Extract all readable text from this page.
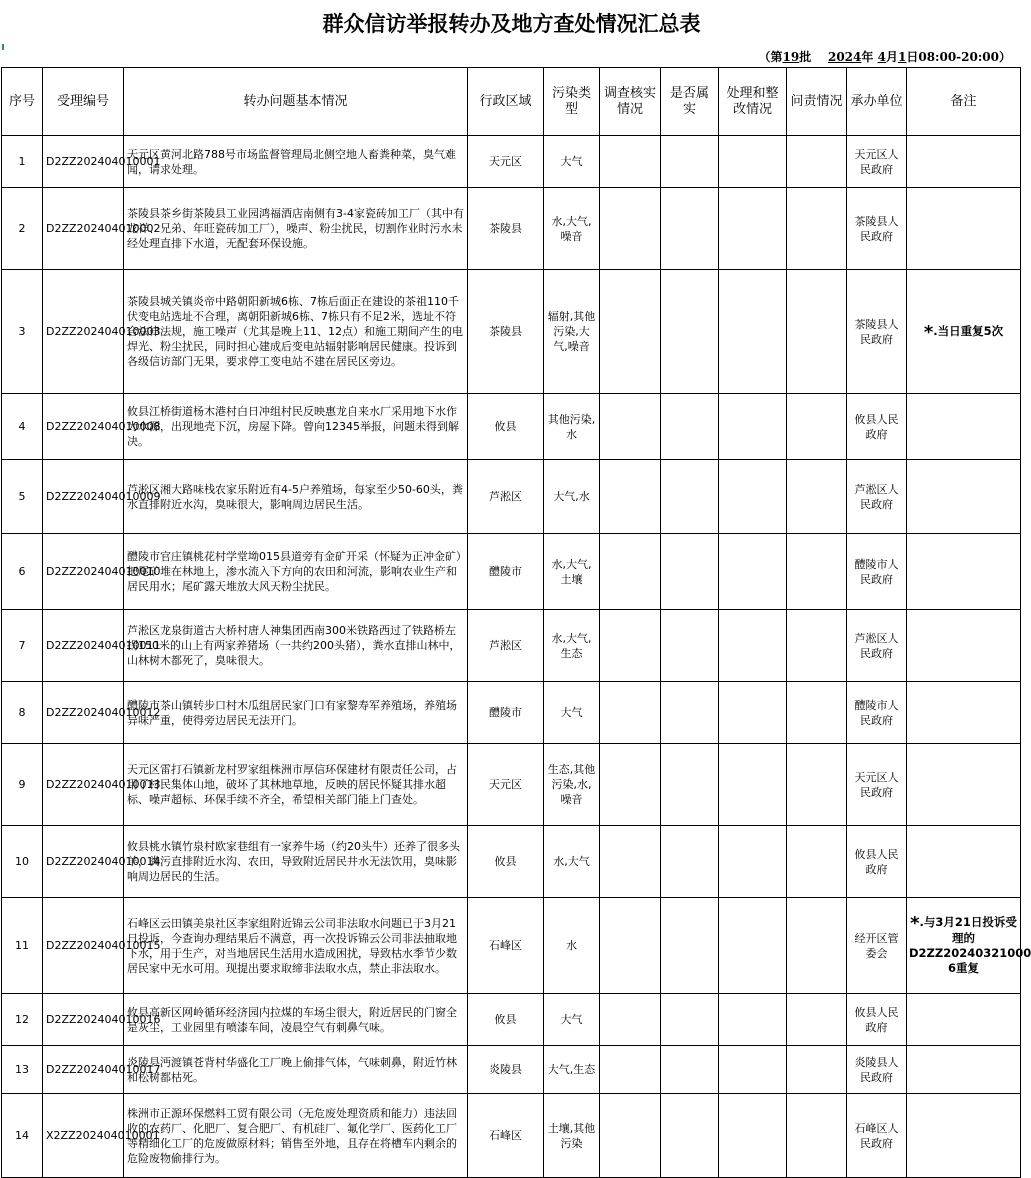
群众信访举报转办及地方查处情况汇总表
（第19批 2024年 4月1日08:00-20:00）
序号	受理编号	转办问题基本情况	行政区域	污染类型	调查核实情况	是否属实	处理和整改情况	问责情况	承办单位	备注
1	D2ZZ202404010001	天元区黄河北路788号市场监督管理局北侧空地人畜粪种菜，臭气难闻，请求处理。	天元区	大气					天元区人民政府	
2	D2ZZ202404010002	茶陵县茶乡街茶陵县工业园鸿福酒店南侧有3-4家瓷砖加工厂（其中有龙祥、兄弟、年旺瓷砖加工厂），噪声、粉尘扰民，切割作业时污水未经处理直排下水道，无配套环保设施。	茶陵县	水,大气,噪音					茶陵县人民政府	
3	D2ZZ202404010003	茶陵县城关镇炎帝中路朝阳新城6栋、7栋后面正在建设的茶祖110千伏变电站选址不合理，离朝阳新城6栋、7栋只有不足2米，选址不符合法律法规，施工噪声（尤其是晚上11、12点）和施工期间产生的电焊光、粉尘扰民，同时担心建成后变电站辐射影响居民健康。投诉到各级信访部门无果，要求停工变电站不建在居民区旁边。	茶陵县	辐射,其他污染,大气,噪音					茶陵县人民政府	*.当日重复5次
4	D2ZZ202404010008	攸县江桥街道杨木港村白日冲组村民反映惠龙自来水厂采用地下水作为水源，出现地壳下沉，房屋下降。曾向12345举报，问题未得到解决。	攸县	其他污染,水					攸县人民政府	
5	D2ZZ202404010009	芦淞区湘大路味栈农家乐附近有4-5户养殖场，每家至少50-60头，粪水直排附近水沟，臭味很大，影响周边居民生活。	芦淞区	大气,水					芦淞区人民政府	
6	D2ZZ202404010010	醴陵市官庄镇桃花村学堂坳015县道旁有金矿开采（怀疑为正冲金矿）把尾矿堆在林地上，渗水流入下方向的农田和河流，影响农业生产和居民用水；尾矿露天堆放大风天粉尘扰民。	醴陵市	水,大气,土壤					醴陵市人民政府	
7	D2ZZ202404010011	芦淞区龙泉街道古大桥村唐人神集团西南300米铁路西过了铁路桥左拐150米的山上有两家养猪场（一共约200头猪），粪水直排山林中，山林树木都死了，臭味很大。	芦淞区	水,大气,生态					芦淞区人民政府	
8	D2ZZ202404010012	醴陵市茶山镇转步口村木瓜组居民家门口有家黎寿军养殖场，养殖场异味严重，使得旁边居民无法开门。	醴陵市	大气					醴陵市人民政府	
9	D2ZZ202404010013	天元区雷打石镇新龙村罗家组株洲市厚信环保建材有限责任公司，占用了村民集体山地，破坏了其林地草地，反映的居民怀疑其排水超标、噪声超标、环保手续不齐全，希望相关部门能上门查处。	天元区	生态,其他污染,水,噪音					天元区人民政府	
10	D2ZZ202404010014	攸县桃水镇竹泉村欧家巷组有一家养牛场（约20头牛）还养了很多头羊，粪污直排附近水沟、农田，导致附近居民井水无法饮用，臭味影响周边居民的生活。	攸县	水,大气					攸县人民政府	
11	D2ZZ202404010015	石峰区云田镇美泉社区李家组附近锦云公司非法取水问题已于3月21日投诉，今查询办理结果后不满意，再一次投诉锦云公司非法抽取地下水，用于生产，对当地居民生活用水造成困扰，导致枯水季节少数居民家中无水可用。现提出要求取缔非法取水点，禁止非法取水。	石峰区	水					经开区管委会	*.与3月21日投诉受理的D2ZZ20240321000 6重复
12	D2ZZ202404010016	攸县高新区网岭循环经济园内拉煤的车场尘很大，附近居民的门窗全是灰尘，工业园里有喷漆车间，凌晨空气有刺鼻气味。	攸县	大气					攸县人民政府	
13	D2ZZ202404010017	炎陵县沔渡镇苍背村华盛化工厂晚上偷排气体，气味刺鼻，附近竹林和松树都枯死。	炎陵县	大气,生态					炎陵县人民政府	
14	X2ZZ202404010001	株洲市正源环保燃料工贸有限公司（无危废处理资质和能力）违法回收的农药厂、化肥厂、复合肥厂、有机硅厂、氟化学厂、医药化工厂等精细化工厂的危废做原材料；销售至外地，且存在将槽车内剩余的危险废物偷排行为。	石峰区	土壤,其他污染					石峰区人民政府	
